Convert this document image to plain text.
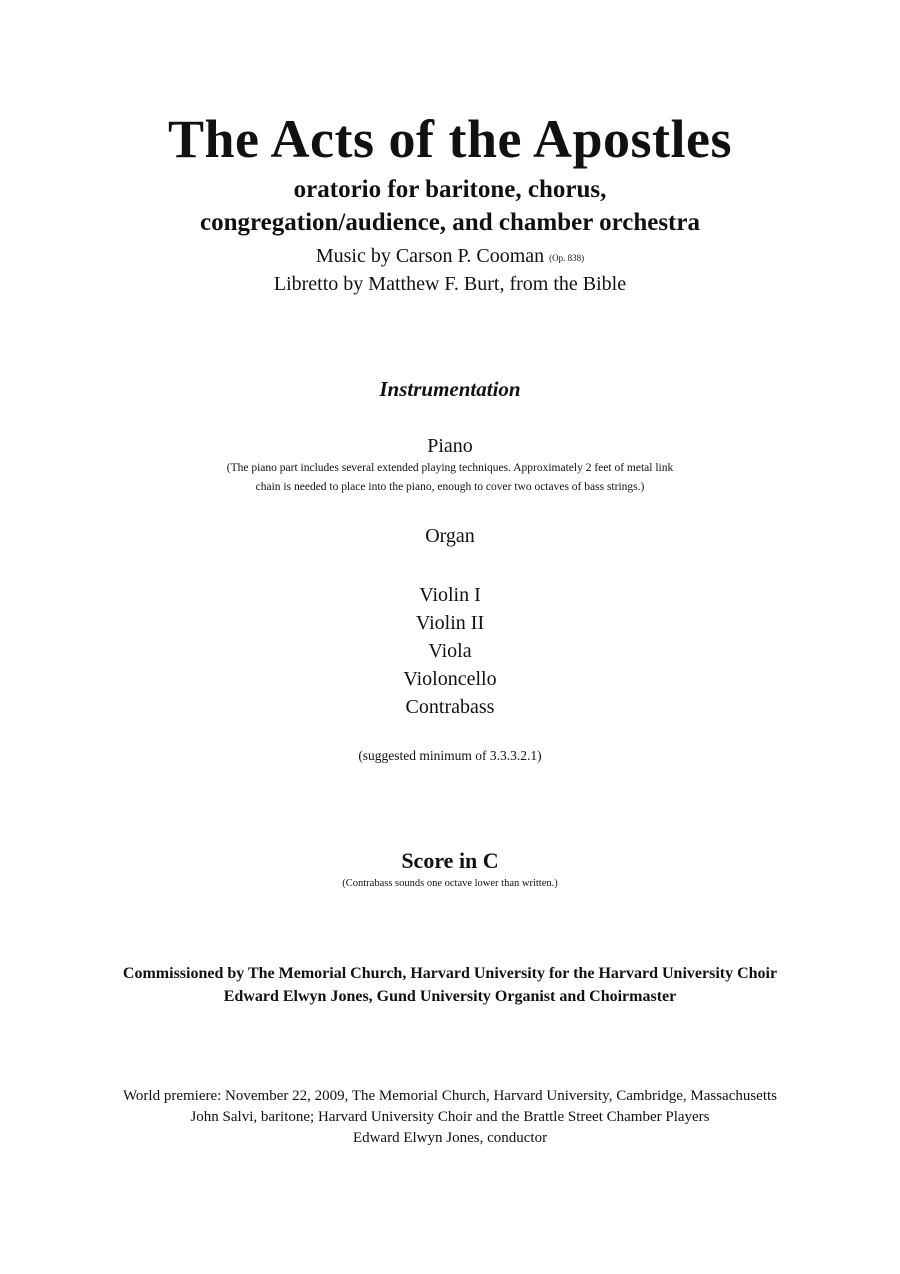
The Acts of the Apostles
oratorio for baritone, chorus,
congregation/audience, and chamber orchestra
Music by Carson P. Cooman (Op. 838)
Libretto by Matthew F. Burt, from the Bible
Instrumentation
Piano
(The piano part includes several extended playing techniques. Approximately 2 feet of metal link
chain is needed to place into the piano, enough to cover two octaves of bass strings.)
Organ
Violin I
Violin II
Viola
Violoncello
Contrabass
(suggested minimum of 3.3.3.2.1)
Score in C
(Contrabass sounds one octave lower than written.)
Commissioned by The Memorial Church, Harvard University for the Harvard University Choir
Edward Elwyn Jones, Gund University Organist and Choirmaster
World premiere: November 22, 2009, The Memorial Church, Harvard University, Cambridge, Massachusetts
John Salvi, baritone; Harvard University Choir and the Brattle Street Chamber Players
Edward Elwyn Jones, conductor
